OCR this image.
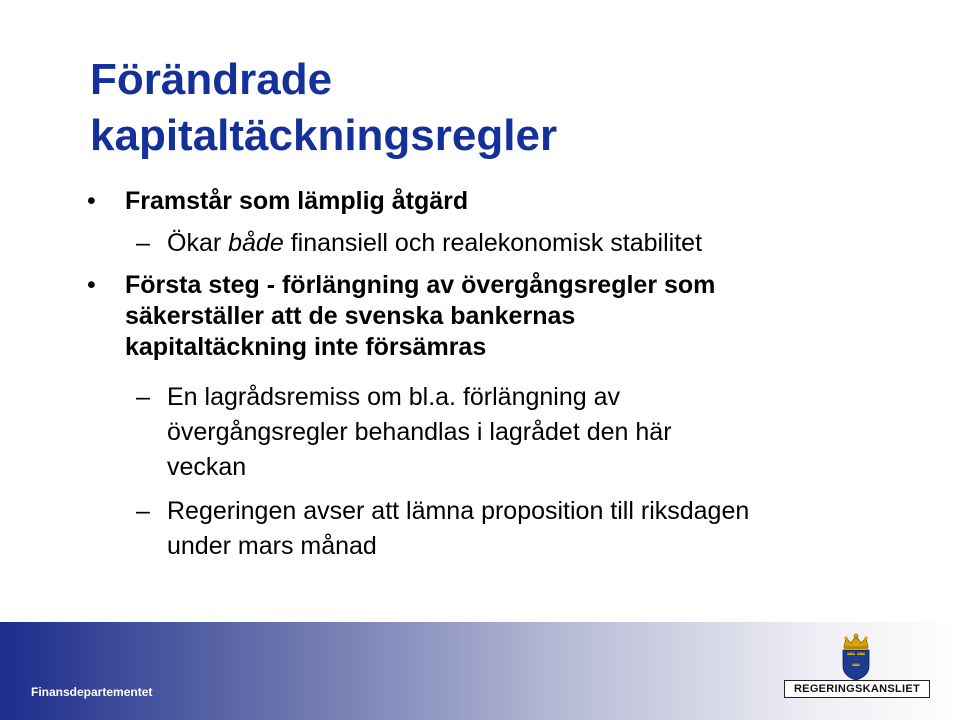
Förändrade
kapitaltäckningsregler
• Framstår som lämplig åtgärd
– Ökar både finansiell och realekonomisk stabilitet
• Första steg - förlängning av övergångsregler som
säkerställer att de svenska bankernas
kapitaltäckning inte försämras
– En lagrådsremiss om bl.a. förlängning av
övergångsregler behandlas i lagrådet den här
veckan
– Regeringen avser att lämna proposition till riksdagen
under mars månad
Finansdepartementet	REGERINGSKANSLIET
